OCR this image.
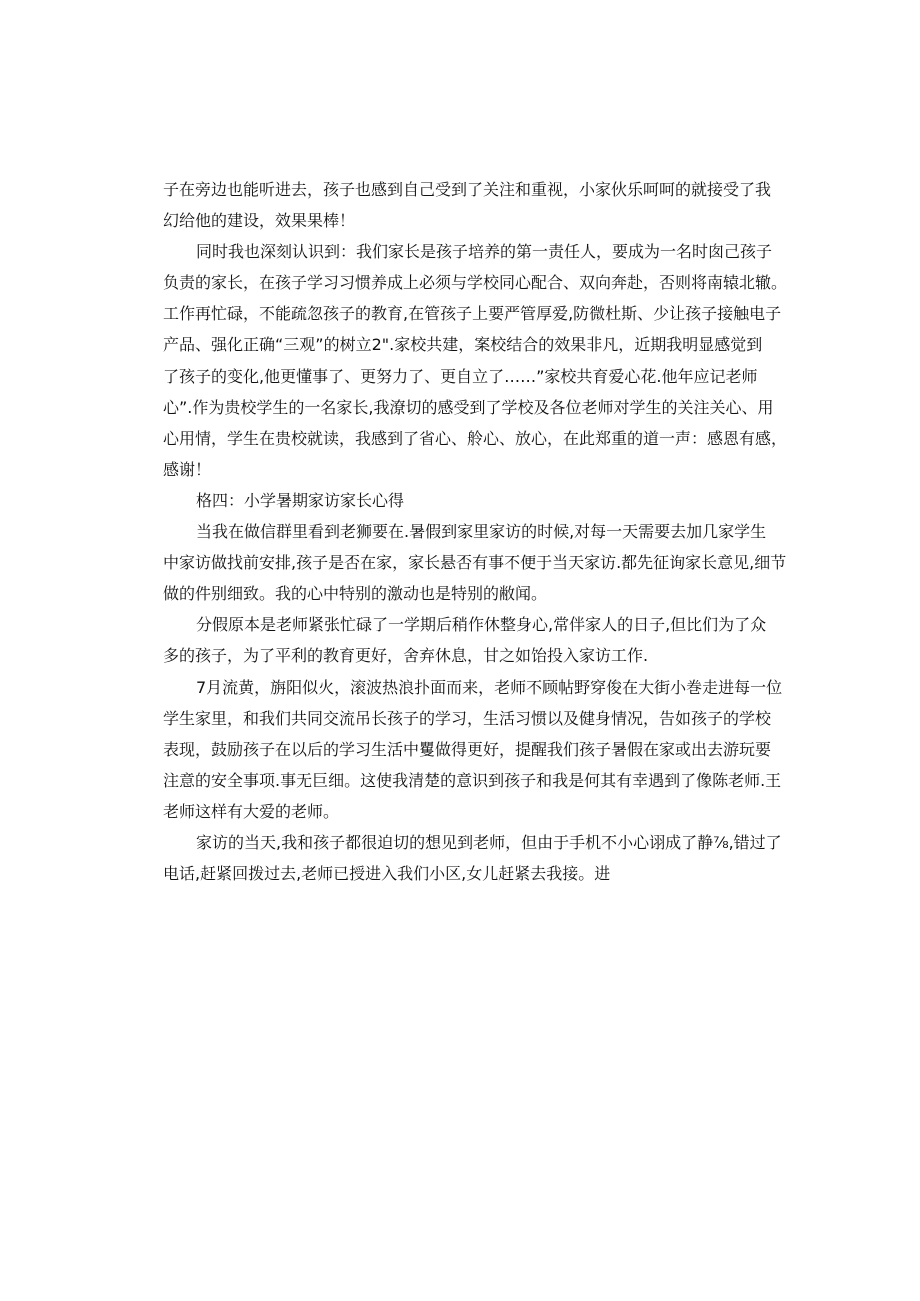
子在旁边也能听进去，孩子也感到自己受到了关注和重视，小家伙乐呵呵的就接受了我
幻给他的建设，效果果棒！
同时我也深刻认识到：我们家长是孩子培养的第一责任人，要成为一名时囱己孩子
负责的家长，在孩子学习习惯养成上必须与学校同心配合、双向奔赴，否则将南辕北辙。
工作再忙碌，不能疏忽孩子的教育,在管孩子上要严管厚爱,防微杜斯、少让孩子接触电子
产品、强化正确“三观”的树立2".家校共建，案校结合的效果非凡，近期我明显感觉到
了孩子的变化,他更懂事了、更努力了、更自立了……”家校共育爱心花.他年应记老师
心”.作为贵校学生的一名家长,我潦切的感受到了学校及各位老师对学生的关注关心、用
心用情，学生在贵校就读，我感到了省心、舲心、放心，在此郑重的道一声：感恩有感，
感谢！
格四：小学暑期家访家长心得
当我在做信群里看到老狮要在.暑假到家里家访的时候,对每一天需要去加几家学生
中家访做找前安排,孩子是否在家，家长悬否有事不便于当天家访.都先征询家长意见,细节
做的件别细致。我的心中特别的激动也是特别的敝闻。
分假原本是老师紧张忙碌了一学期后稍作休整身心,常伴家人的日子,但比们为了众
多的孩子，为了平利的教育更好，舍弃休息，甘之如饴投入家访工作.
7月流黄，旃阳似火，滚波热浪扑面而来，老师不顾帖野穿俊在大街小巻走进每一位
学生家里，和我们共同交流吊长孩子的学习，生活习惯以及健身情况，告如孩子的学校
表现，鼓励孩子在以后的学习生活中矍做得更好，提醒我们孩子暑假在家或出去游玩要
注意的安全事项.事无巨细。这使我清楚的意识到孩子和我是何其有幸遇到了像陈老师.王
老师这样有大爱的老师。
家访的当天,我和孩子都很迫切的想见到老师，但由于手机不小心诩成了静⅞,错过了
电话,赶紧回拨过去,老师已授进入我们小区,女儿赶紧去我接。进
